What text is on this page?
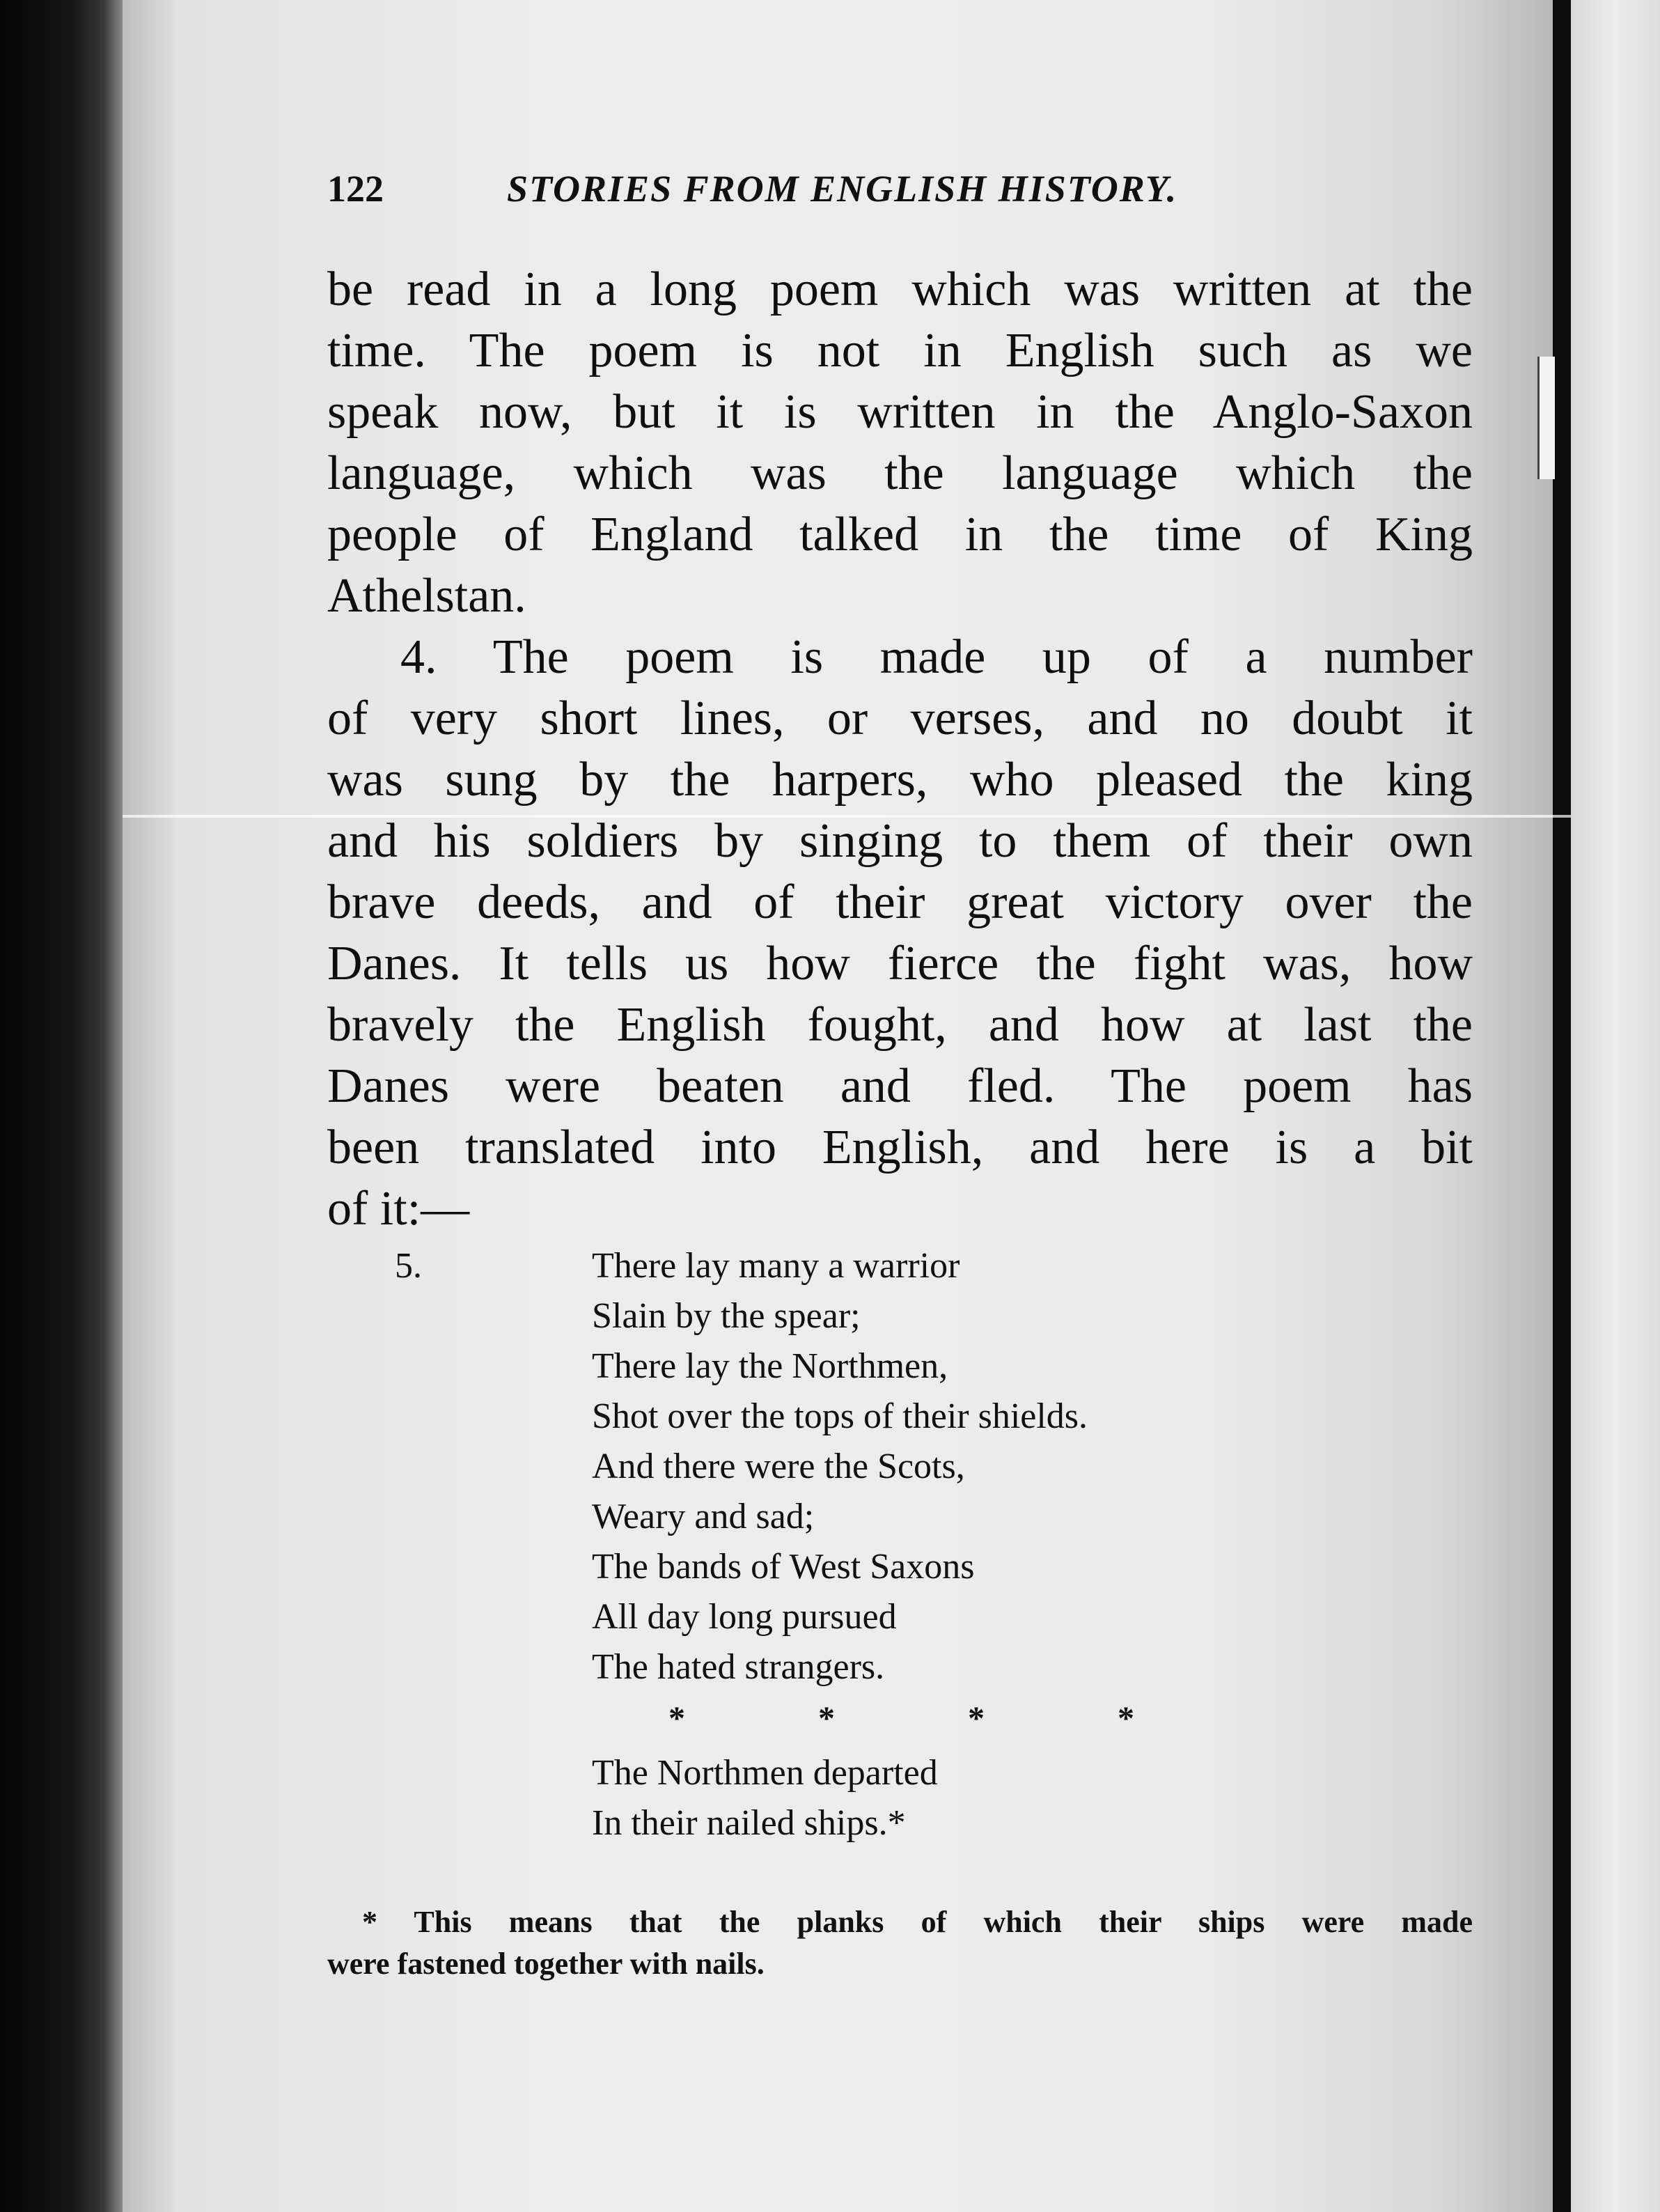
122	STORIES FROM ENGLISH HISTORY.
be read in a long poem which was written at the
time. The poem is not in English such as we
speak now, but it is written in the Anglo-Saxon
language, which was the language which the
people of England talked in the time of King
Athelstan.
4. The poem is made up of a number
of very short lines, or verses, and no doubt it
was sung by the harpers, who pleased the king
and his soldiers by singing to them of their own
brave deeds, and of their great victory over the
Danes. It tells us how fierce the fight was, how
bravely the English fought, and how at last the
Danes were beaten and fled. The poem has
been translated into English, and here is a bit
of it:—
5.	There lay many a warrior
Slain by the spear;
There lay the Northmen,
Shot over the tops of their shields.
And there were the Scots,
Weary and sad;
The bands of West Saxons
All day long pursued
The hated strangers.
*	*	*	*
The Northmen departed
In their nailed ships.*
* This means that the planks of which their ships were made
were fastened together with nails.
